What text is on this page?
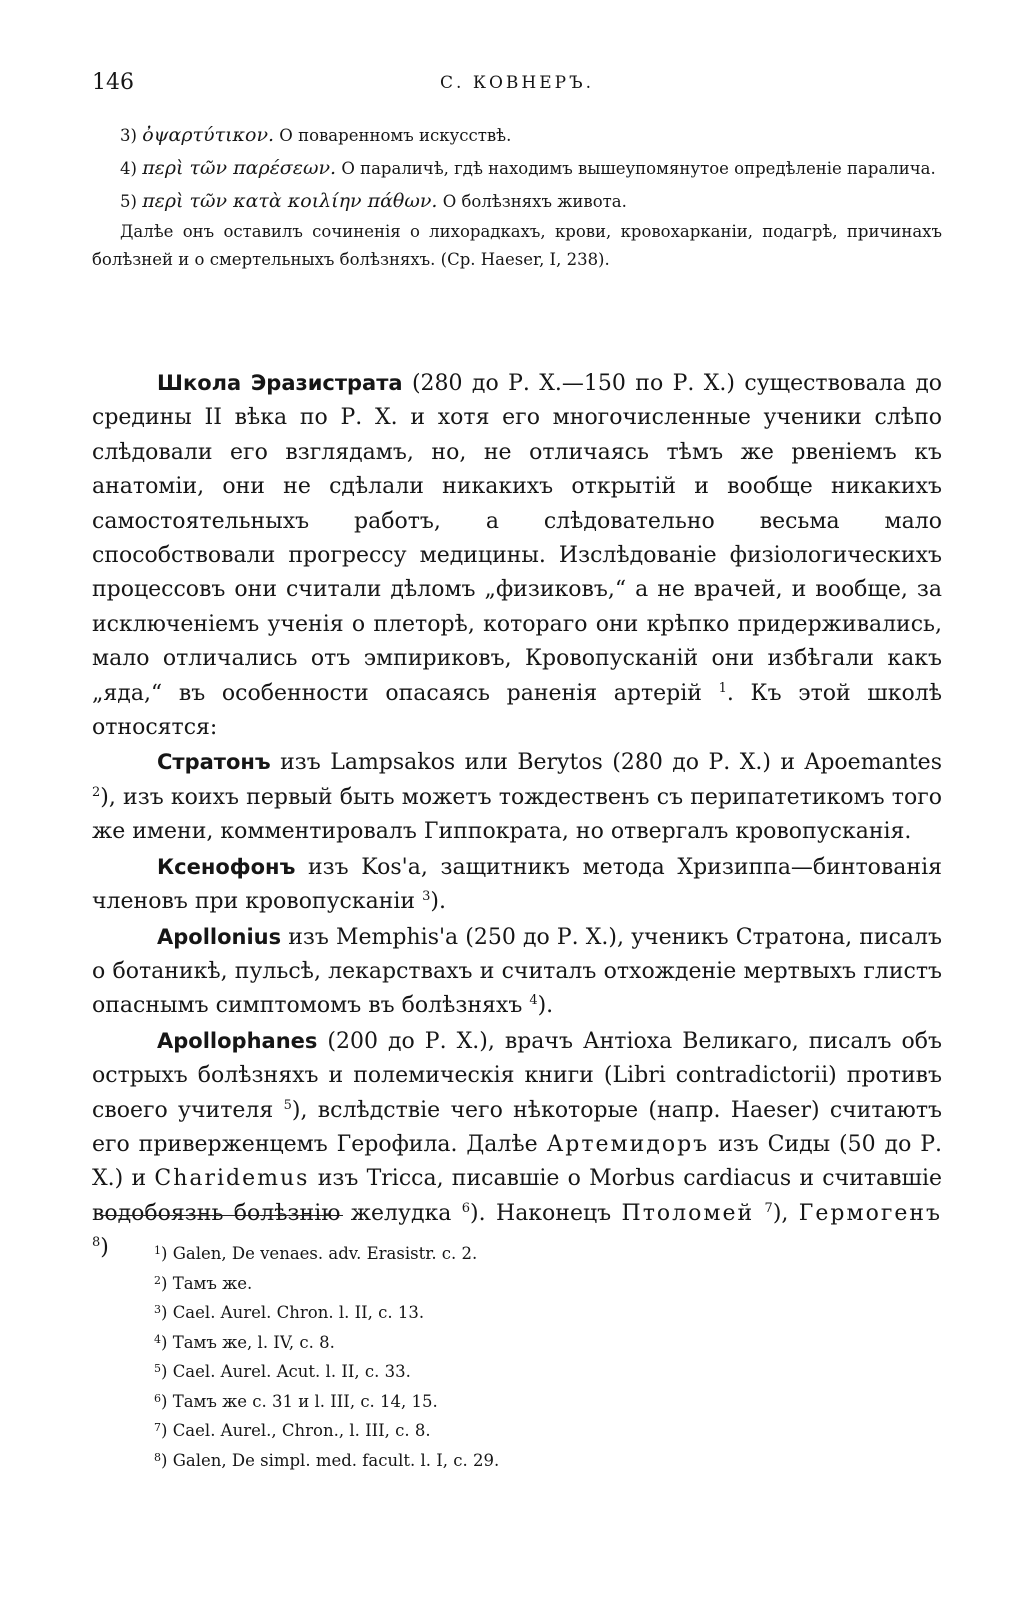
146	С. КОВНЕРЪ.

3) ὀψαρτύτικον. О поваренномъ искусствѣ.

4) περὶ τῶν παρέσεων. О параличѣ, гдѣ находимъ вышеупомянутое опредѣленіе паралича.

5) περὶ τῶν κατὰ κοιλίην πάθων. О болѣзняхъ живота.

Далѣе онъ оставилъ сочиненія о лихорадкахъ, крови, кровохарканіи, подагрѣ, причинахъ болѣзней и о смертельныхъ болѣзняхъ. (Ср. Haeser, I, 238).

Школа Эразистрата (280 до Р. X.—150 по Р. X.) существовала до средины II вѣка по Р. X. и хотя его многочисленные ученики слѣпо слѣдовали его взглядамъ, но, не отличаясь тѣмъ же рвеніемъ къ анатоміи, они не сдѣлали никакихъ открытій и вообще никакихъ самостоятельныхъ работъ, а слѣдовательно весьма мало способствовали прогрессу медицины. Изслѣдованіе физіологическихъ процессовъ они считали дѣломъ „физиковъ,“ а не врачей, и вообще, за исключеніемъ ученія о плеторѣ, котораго они крѣпко придерживались, мало отличались отъ эмпириковъ, Кровопусканій они избѣгали какъ „яда,“ въ особенности опасаясь раненія артерій $^1$. Къ этой школѣ относятся:

Стратонъ изъ Lampsakos или Berytos (280 до Р. X.) и Apoemantes $^2$), изъ коихъ первый быть можетъ тождественъ съ перипатетикомъ того же имени, комментировалъ Гиппократа, но отвергалъ кровопусканія.

Ксенофонъ изъ Kos'а, защитникъ метода Хризиппа—бинтованія членовъ при кровопусканіи $^3$).

Apollonius изъ Memphis'а (250 до Р. X.), ученикъ Стратона, писалъ о ботаникѣ, пульсѣ, лекарствахъ и считалъ отхожденіе мертвыхъ глистъ опаснымъ симптомомъ въ болѣзняхъ $^4$).

Apollophanes (200 до Р. X.), врачъ Антіоха Великаго, писалъ объ острыхъ болѣзняхъ и полемическія книги (Libri contradictorii) противъ своего учителя $^5$), вслѣдствіе чего нѣкоторые (напр. Haeser) считаютъ его приверженцемъ Герофила. Далѣе Артемидоръ изъ Сиды (50 до Р. X.) и Charidemus изъ Tricca, писавшіе о Morbus cardiacus и считавшіе водобоязнь болѣзнію желудка $^6$). Наконецъ Птоломей $^7$), Гермогенъ $^8$)	$^1$) Galen, De venaes. adv. Erasistr. c. 2.
$^2$) Тамъ же.
$^3$) Cael. Aurel. Chron. l. II, c. 13.
$^4$) Тамъ же, l. IV, c. 8.
$^5$) Cael. Aurel. Acut. l. II, c. 33.
$^6$) Тамъ же с. 31 и l. III, c. 14, 15.
$^7$) Cael. Aurel., Chron., l. III, c. 8.
$^8$) Galen, De simpl. med. facult. l. I, c. 29.
